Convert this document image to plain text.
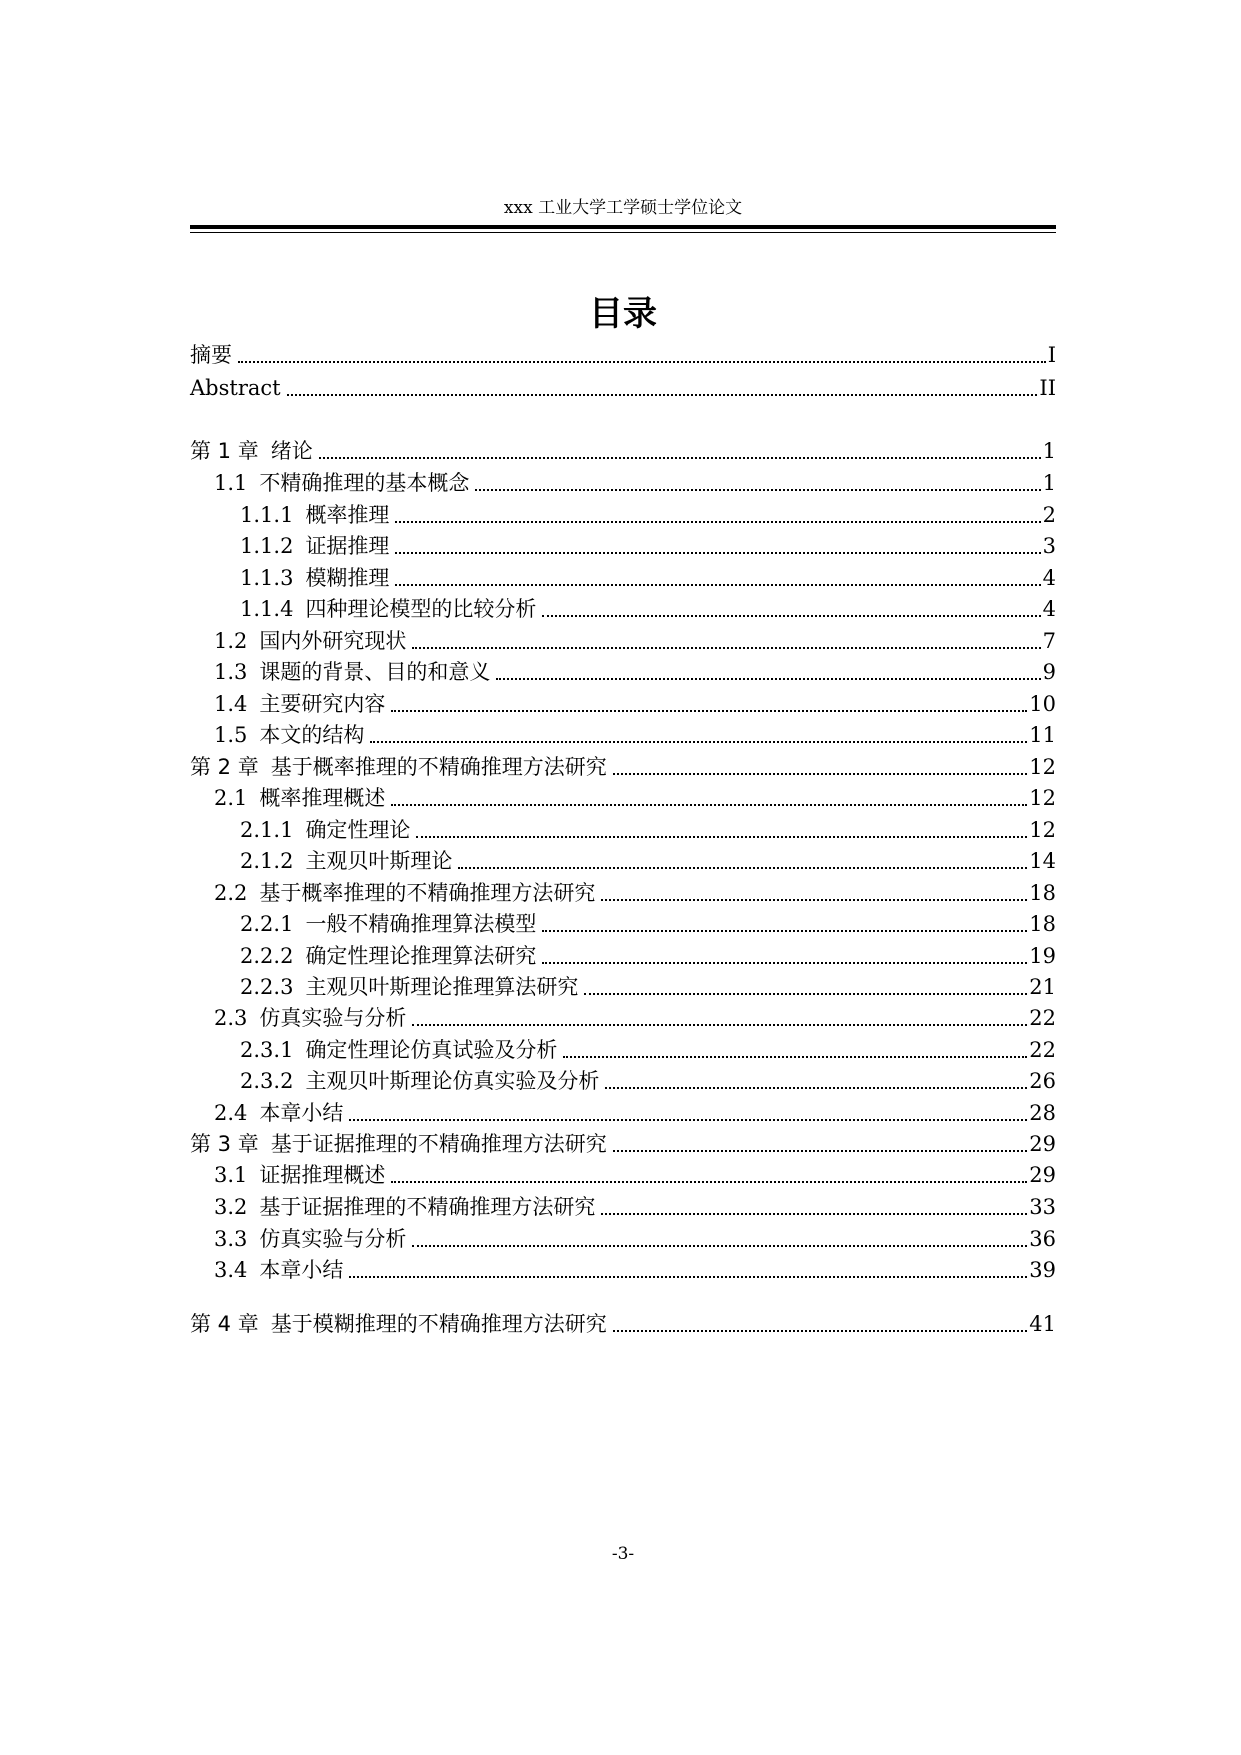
xxx 工业大学工学硕士学位论文
目录
摘要	I
Abstract	II
第 1 章 绪论	1
1.1 不精确推理的基本概念	1
1.1.1 概率推理	2
1.1.2 证据推理	3
1.1.3 模糊推理	4
1.1.4 四种理论模型的比较分析	4
1.2 国内外研究现状	7
1.3 课题的背景、目的和意义	9
1.4 主要研究内容	10
1.5 本文的结构	11
第 2 章 基于概率推理的不精确推理方法研究	12
2.1 概率推理概述	12
2.1.1 确定性理论	12
2.1.2 主观贝叶斯理论	14
2.2 基于概率推理的不精确推理方法研究	18
2.2.1 一般不精确推理算法模型	18
2.2.2 确定性理论推理算法研究	19
2.2.3 主观贝叶斯理论推理算法研究	21
2.3 仿真实验与分析	22
2.3.1 确定性理论仿真试验及分析	22
2.3.2 主观贝叶斯理论仿真实验及分析	26
2.4 本章小结	28
第 3 章 基于证据推理的不精确推理方法研究	29
3.1 证据推理概述	29
3.2 基于证据推理的不精确推理方法研究	33
3.3 仿真实验与分析	36
3.4 本章小结	39
第 4 章 基于模糊推理的不精确推理方法研究	41
-3-
